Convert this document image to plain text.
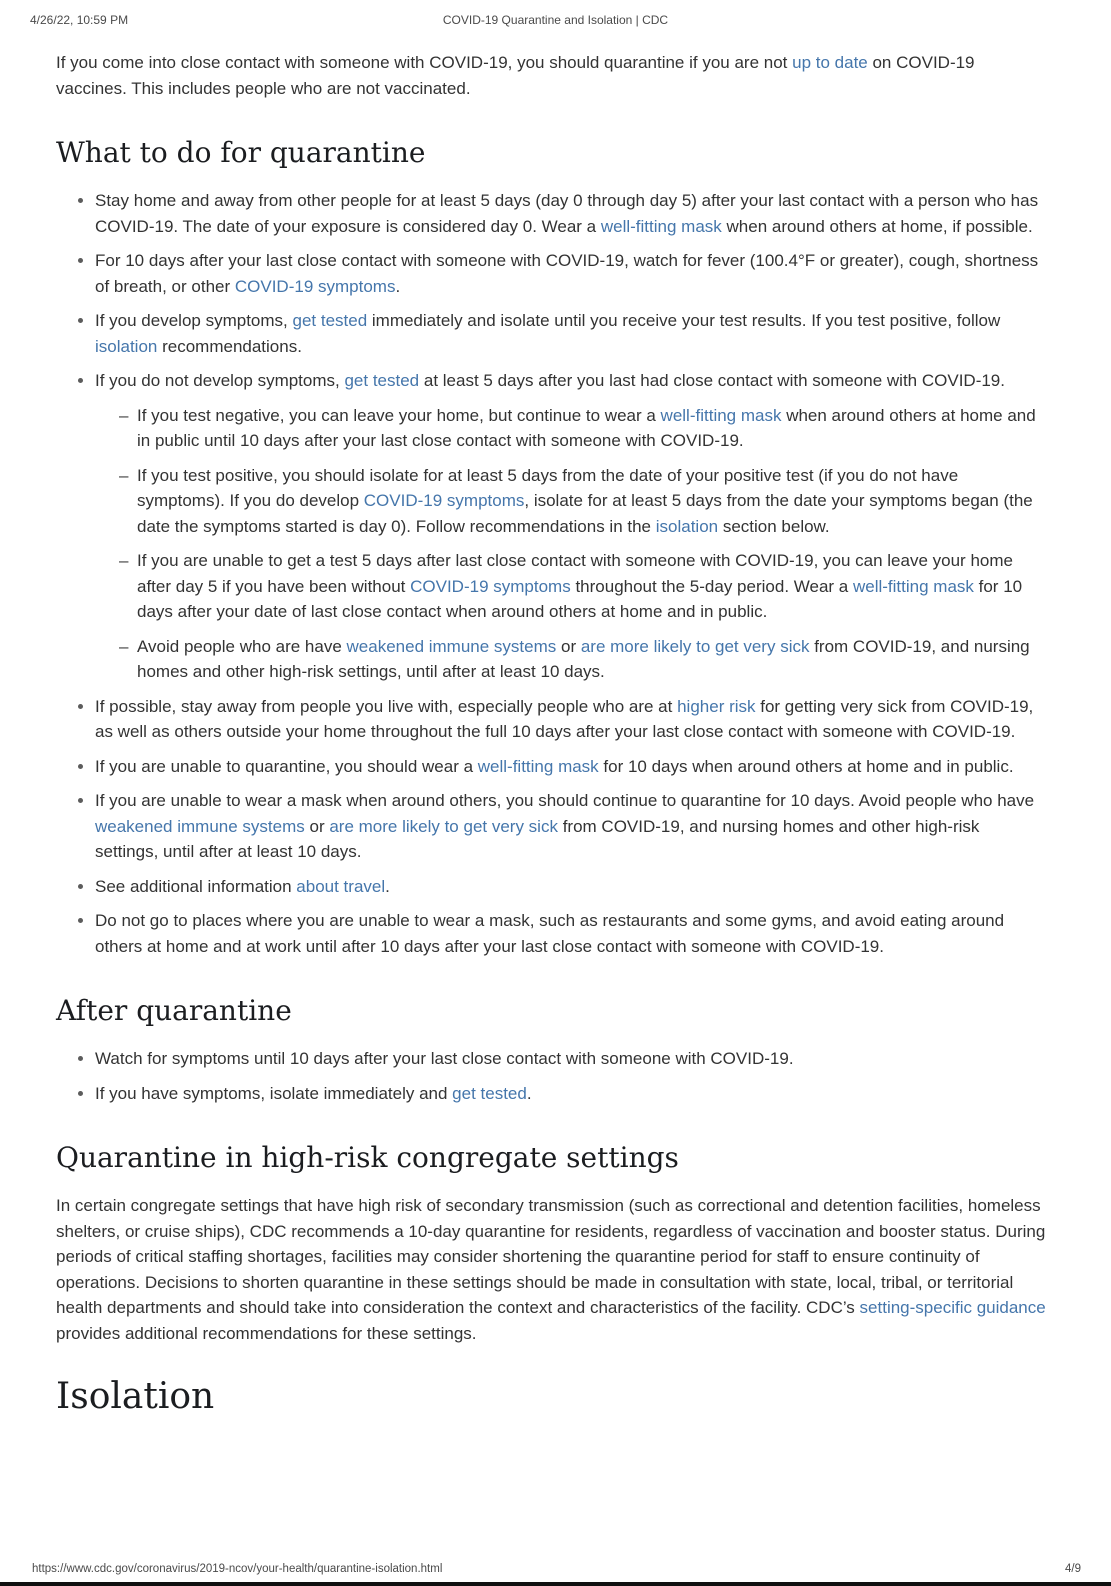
4/26/22, 10:59 PM	COVID-19 Quarantine and Isolation | CDC

If you come into close contact with someone with COVID-19, you should quarantine if you are not up to date on COVID-19 vaccines. This includes people who are not vaccinated.

What to do for quarantine
Stay home and away from other people for at least 5 days (day 0 through day 5) after your last contact with a person who has COVID-19. The date of your exposure is considered day 0. Wear a well-fitting mask when around others at home, if possible.
For 10 days after your last close contact with someone with COVID-19, watch for fever (100.4°F or greater), cough, shortness of breath, or other COVID-19 symptoms.
If you develop symptoms, get tested immediately and isolate until you receive your test results. If you test positive, follow isolation recommendations.
If you do not develop symptoms, get tested at least 5 days after you last had close contact with someone with COVID-19.
– If you test negative, you can leave your home, but continue to wear a well-fitting mask when around others at home and in public until 10 days after your last close contact with someone with COVID-19.
– If you test positive, you should isolate for at least 5 days from the date of your positive test (if you do not have symptoms). If you do develop COVID-19 symptoms, isolate for at least 5 days from the date your symptoms began (the date the symptoms started is day 0). Follow recommendations in the isolation section below.
– If you are unable to get a test 5 days after last close contact with someone with COVID-19, you can leave your home after day 5 if you have been without COVID-19 symptoms throughout the 5-day period. Wear a well-fitting mask for 10 days after your date of last close contact when around others at home and in public.
– Avoid people who are have weakened immune systems or are more likely to get very sick from COVID-19, and nursing homes and other high-risk settings, until after at least 10 days.
If possible, stay away from people you live with, especially people who are at higher risk for getting very sick from COVID-19, as well as others outside your home throughout the full 10 days after your last close contact with someone with COVID-19.
If you are unable to quarantine, you should wear a well-fitting mask for 10 days when around others at home and in public.
If you are unable to wear a mask when around others, you should continue to quarantine for 10 days. Avoid people who have weakened immune systems or are more likely to get very sick from COVID-19, and nursing homes and other high-risk settings, until after at least 10 days.
See additional information about travel.
Do not go to places where you are unable to wear a mask, such as restaurants and some gyms, and avoid eating around others at home and at work until after 10 days after your last close contact with someone with COVID-19.
After quarantine
Watch for symptoms until 10 days after your last close contact with someone with COVID-19.
If you have symptoms, isolate immediately and get tested.
Quarantine in high-risk congregate settings

In certain congregate settings that have high risk of secondary transmission (such as correctional and detention facilities, homeless shelters, or cruise ships), CDC recommends a 10-day quarantine for residents, regardless of vaccination and booster status. During periods of critical staffing shortages, facilities may consider shortening the quarantine period for staff to ensure continuity of operations. Decisions to shorten quarantine in these settings should be made in consultation with state, local, tribal, or territorial health departments and should take into consideration the context and characteristics of the facility. CDC’s setting-specific guidance provides additional recommendations for these settings.

Isolation
https://www.cdc.gov/coronavirus/2019-ncov/your-health/quarantine-isolation.html	4/9
